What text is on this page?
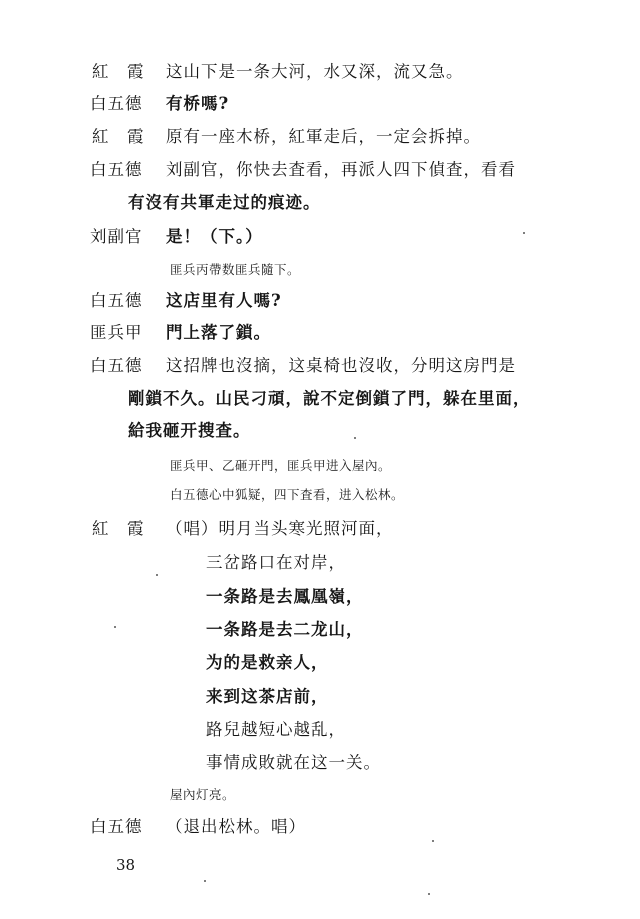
紅　霞 这山下是一条大河，水又深，流又急。
白五德 有桥嗎?
紅　霞 原有一座木桥，紅軍走后，一定会拆掉。
白五德 刘副官，你快去査看，再派人四下偵査，看看
有沒有共軍走过的痕迹。
刘副官 是！（下。）
匪兵丙帶数匪兵隨下。
白五德 这店里有人嗎?
匪兵甲 門上落了鎖。
白五德 这招牌也沒摘，这桌椅也沒收，分明这房門是
剛鎖不久。山民刁頑，說不定倒鎖了門，躲在里面，
給我砸开搜査。
匪兵甲、乙砸开門，匪兵甲进入屋內。
白五德心中狐疑，四下査看，进入松林。
紅　霞 （唱）明月当头寒光照河面，
三岔路口在对岸，
一条路是去鳳凰嶺，
一条路是去二龙山，
为的是救亲人，
来到这茶店前，
路兒越短心越乱，
事情成敗就在这一关。
屋內灯亮。
白五德 （退出松林。唱）
38
